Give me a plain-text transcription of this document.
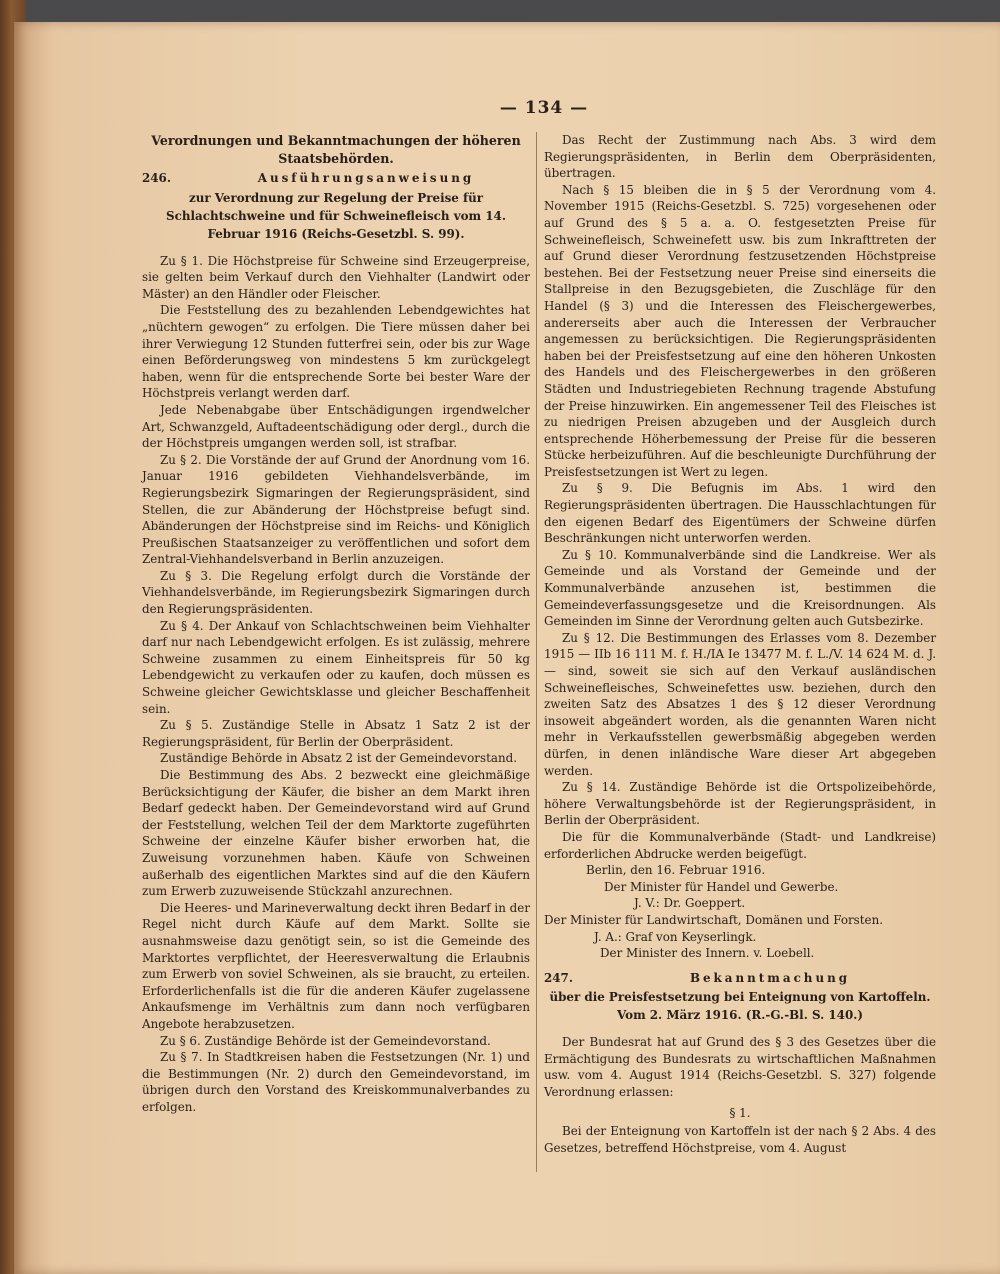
— 134 —

Verordnungen und Bekanntmachungen der höheren Staatsbehörden.

246.	Ausführungsanweisung

zur Verordnung zur Regelung der Preise für Schlachtschweine und für Schweinefleisch vom 14. Februar 1916 (Reichs-Gesetzbl. S. 99).

Zu § 1. Die Höchstpreise für Schweine sind Erzeugerpreise, sie gelten beim Verkauf durch den Viehhalter (Landwirt oder Mäster) an den Händler oder Fleischer.

Die Feststellung des zu bezahlenden Lebendgewichtes hat „nüchtern gewogen“ zu erfolgen. Die Tiere müssen daher bei ihrer Verwiegung 12 Stunden futterfrei sein, oder bis zur Wage einen Beförderungsweg von mindestens 5 km zurückgelegt haben, wenn für die entsprechende Sorte bei bester Ware der Höchstpreis verlangt werden darf.

Jede Nebenabgabe über Entschädigungen irgendwelcher Art, Schwanzgeld, Auftadeentschädigung oder dergl., durch die der Höchstpreis umgangen werden soll, ist strafbar.

Zu § 2. Die Vorstände der auf Grund der Anordnung vom 16. Januar 1916 gebildeten Viehhandelsverbände, im Regierungsbezirk Sigmaringen der Regierungspräsident, sind Stellen, die zur Abänderung der Höchstpreise befugt sind. Abänderungen der Höchstpreise sind im Reichs- und Königlich Preußischen Staatsanzeiger zu veröffentlichen und sofort dem Zentral-Viehhandelsverband in Berlin anzuzeigen.

Zu § 3. Die Regelung erfolgt durch die Vorstände der Viehhandelsverbände, im Regierungsbezirk Sigmaringen durch den Regierungspräsidenten.

Zu § 4. Der Ankauf von Schlachtschweinen beim Viehhalter darf nur nach Lebendgewicht erfolgen. Es ist zulässig, mehrere Schweine zusammen zu einem Einheitspreis für 50 kg Lebendgewicht zu verkaufen oder zu kaufen, doch müssen es Schweine gleicher Gewichtsklasse und gleicher Beschaffenheit sein.

Zu § 5. Zuständige Stelle in Absatz 1 Satz 2 ist der Regierungspräsident, für Berlin der Oberpräsident.

Zuständige Behörde in Absatz 2 ist der Gemeindevorstand.

Die Bestimmung des Abs. 2 bezweckt eine gleichmäßige Berücksichtigung der Käufer, die bisher an dem Markt ihren Bedarf gedeckt haben. Der Gemeindevorstand wird auf Grund der Feststellung, welchen Teil der dem Marktorte zugeführten Schweine der einzelne Käufer bisher erworben hat, die Zuweisung vorzunehmen haben. Käufe von Schweinen außerhalb des eigentlichen Marktes sind auf die den Käufern zum Erwerb zuzuweisende Stückzahl anzurechnen.

Die Heeres- und Marineverwaltung deckt ihren Bedarf in der Regel nicht durch Käufe auf dem Markt. Sollte sie ausnahmsweise dazu genötigt sein, so ist die Gemeinde des Marktortes verpflichtet, der Heeresverwaltung die Erlaubnis zum Erwerb von soviel Schweinen, als sie braucht, zu erteilen. Erforderlichenfalls ist die für die anderen Käufer zugelassene Ankaufsmenge im Verhältnis zum dann noch verfügbaren Angebote herabzusetzen.

Zu § 6. Zuständige Behörde ist der Gemeindevorstand.

Zu § 7. In Stadtkreisen haben die Festsetzungen (Nr. 1) und die Bestimmungen (Nr. 2) durch den Gemeindevorstand, im übrigen durch den Vorstand des Kreiskommunalverbandes zu erfolgen.

Das Recht der Zustimmung nach Abs. 3 wird dem Regierungspräsidenten, in Berlin dem Oberpräsidenten, übertragen.

Nach § 15 bleiben die in § 5 der Verordnung vom 4. November 1915 (Reichs-Gesetzbl. S. 725) vorgesehenen oder auf Grund des § 5 a. a. O. festgesetzten Preise für Schweinefleisch, Schweinefett usw. bis zum Inkrafttreten der auf Grund dieser Verordnung festzusetzenden Höchstpreise bestehen. Bei der Festsetzung neuer Preise sind einerseits die Stallpreise in den Bezugsgebieten, die Zuschläge für den Handel (§ 3) und die Interessen des Fleischergewerbes, andererseits aber auch die Interessen der Verbraucher angemessen zu berücksichtigen. Die Regierungspräsidenten haben bei der Preisfestsetzung auf eine den höheren Unkosten des Handels und des Fleischergewerbes in den größeren Städten und Industriegebieten Rechnung tragende Abstufung der Preise hinzuwirken. Ein angemessener Teil des Fleisches ist zu niedrigen Preisen abzugeben und der Ausgleich durch entsprechende Höherbemessung der Preise für die besseren Stücke herbeizuführen. Auf die beschleunigte Durchführung der Preisfestsetzungen ist Wert zu legen.

Zu § 9. Die Befugnis im Abs. 1 wird den Regierungspräsidenten übertragen. Die Hausschlachtungen für den eigenen Bedarf des Eigentümers der Schweine dürfen Beschränkungen nicht unterworfen werden.

Zu § 10. Kommunalverbände sind die Landkreise. Wer als Gemeinde und als Vorstand der Gemeinde und der Kommunalverbände anzusehen ist, bestimmen die Gemeindeverfassungsgesetze und die Kreisordnungen. Als Gemeinden im Sinne der Verordnung gelten auch Gutsbezirke.

Zu § 12. Die Bestimmungen des Erlasses vom 8. Dezember 1915 — IIb 16 111 M. f. H./IA Ie 13477 M. f. L./V. 14 624 M. d. J. — sind, soweit sie sich auf den Verkauf ausländischen Schweinefleisches, Schweinefettes usw. beziehen, durch den zweiten Satz des Absatzes 1 des § 12 dieser Verordnung insoweit abgeändert worden, als die genannten Waren nicht mehr in Verkaufsstellen gewerbsmäßig abgegeben werden dürfen, in denen inländische Ware dieser Art abgegeben werden.

Zu § 14. Zuständige Behörde ist die Ortspolizeibehörde, höhere Verwaltungsbehörde ist der Regierungspräsident, in Berlin der Oberpräsident.

Die für die Kommunalverbände (Stadt- und Landkreise) erforderlichen Abdrucke werden beigefügt.

Berlin, den 16. Februar 1916.

Der Minister für Handel und Gewerbe.

J. V.: Dr. Goeppert.

Der Minister für Landwirtschaft, Domänen und Forsten.

J. A.: Graf von Keyserlingk.

Der Minister des Innern. v. Loebell.

247.	Bekanntmachung

über die Preisfestsetzung bei Enteignung von Kartoffeln. Vom 2. März 1916. (R.-G.-Bl. S. 140.)

Der Bundesrat hat auf Grund des § 3 des Gesetzes über die Ermächtigung des Bundesrats zu wirtschaftlichen Maßnahmen usw. vom 4. August 1914 (Reichs-Gesetzbl. S. 327) folgende Verordnung erlassen:

§ 1.

Bei der Enteignung von Kartoffeln ist der nach § 2 Abs. 4 des Gesetzes, betreffend Höchstpreise, vom 4. August
